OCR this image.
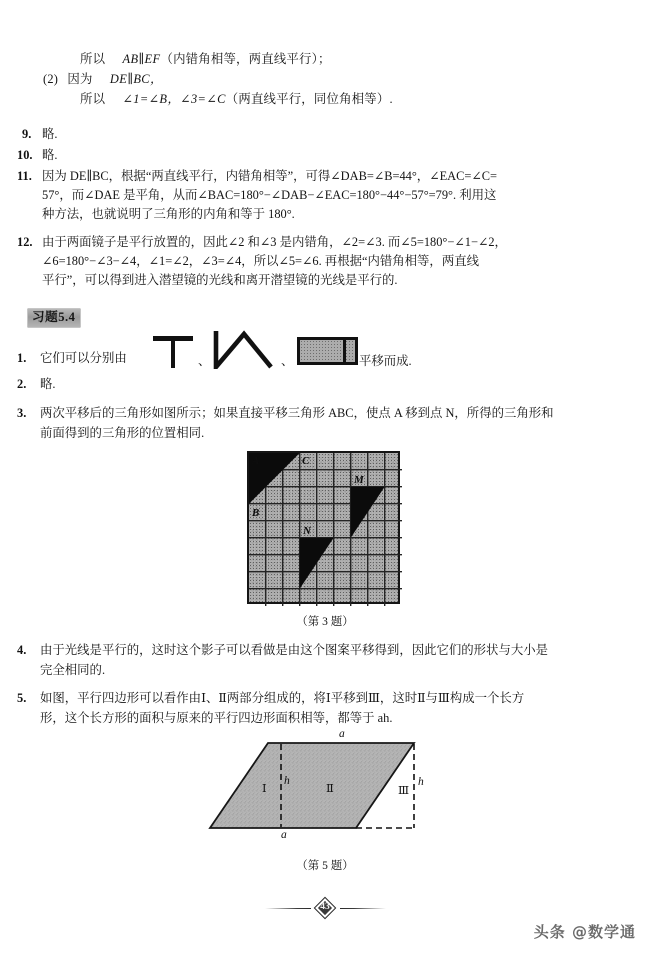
所以 AB∥EF（内错角相等，两直线平行）；
(2) 因为 DE∥BC，
所以 ∠1=∠B，∠3=∠C（两直线平行，同位角相等）.
9. 略.
10. 略.
11. 因为 DE∥BC，根据“两直线平行，内错角相等”，可得∠DAB=∠B=44°，∠EAC=∠C=
57°，而∠DAE 是平角，从而∠BAC=180°−∠DAB−∠EAC=180°−44°−57°=79°. 利用这
种方法，也就说明了三角形的内角和等于 180°.
12. 由于两面镜子是平行放置的，因此∠2 和∠3 是内错角，∠2=∠3. 而∠5=180°−∠1−∠2，
∠6=180°−∠3−∠4，∠1=∠2，∠3=∠4，所以∠5=∠6. 再根据“内错角相等，两直线
平行”，可以得到进入潜望镜的光线和离开潜望镜的光线是平行的.
习题5.4
1. 它们可以分别由	、	、	平移而成.
2. 略.
3. 两次平移后的三角形如图所示；如果直接平移三角形 ABC，使点 A 移到点 N，所得的三角形和
前面得到的三角形的位置相同.
A	C
B
M
N
（第 3 题）
4. 由于光线是平行的，这时这个影子可以看做是由这个图案平移得到，因此它们的形状与大小是
完全相同的.
5. 如图，平行四边形可以看作由Ⅰ、Ⅱ两部分组成的，将Ⅰ平移到Ⅲ，这时Ⅱ与Ⅲ构成一个长方
形，这个长方形的面积与原来的平行四边形面积相等，都等于 ah.
a
a
h	h
Ⅰ	Ⅱ	Ⅲ
（第 5 题）
43
头条 @数学通
